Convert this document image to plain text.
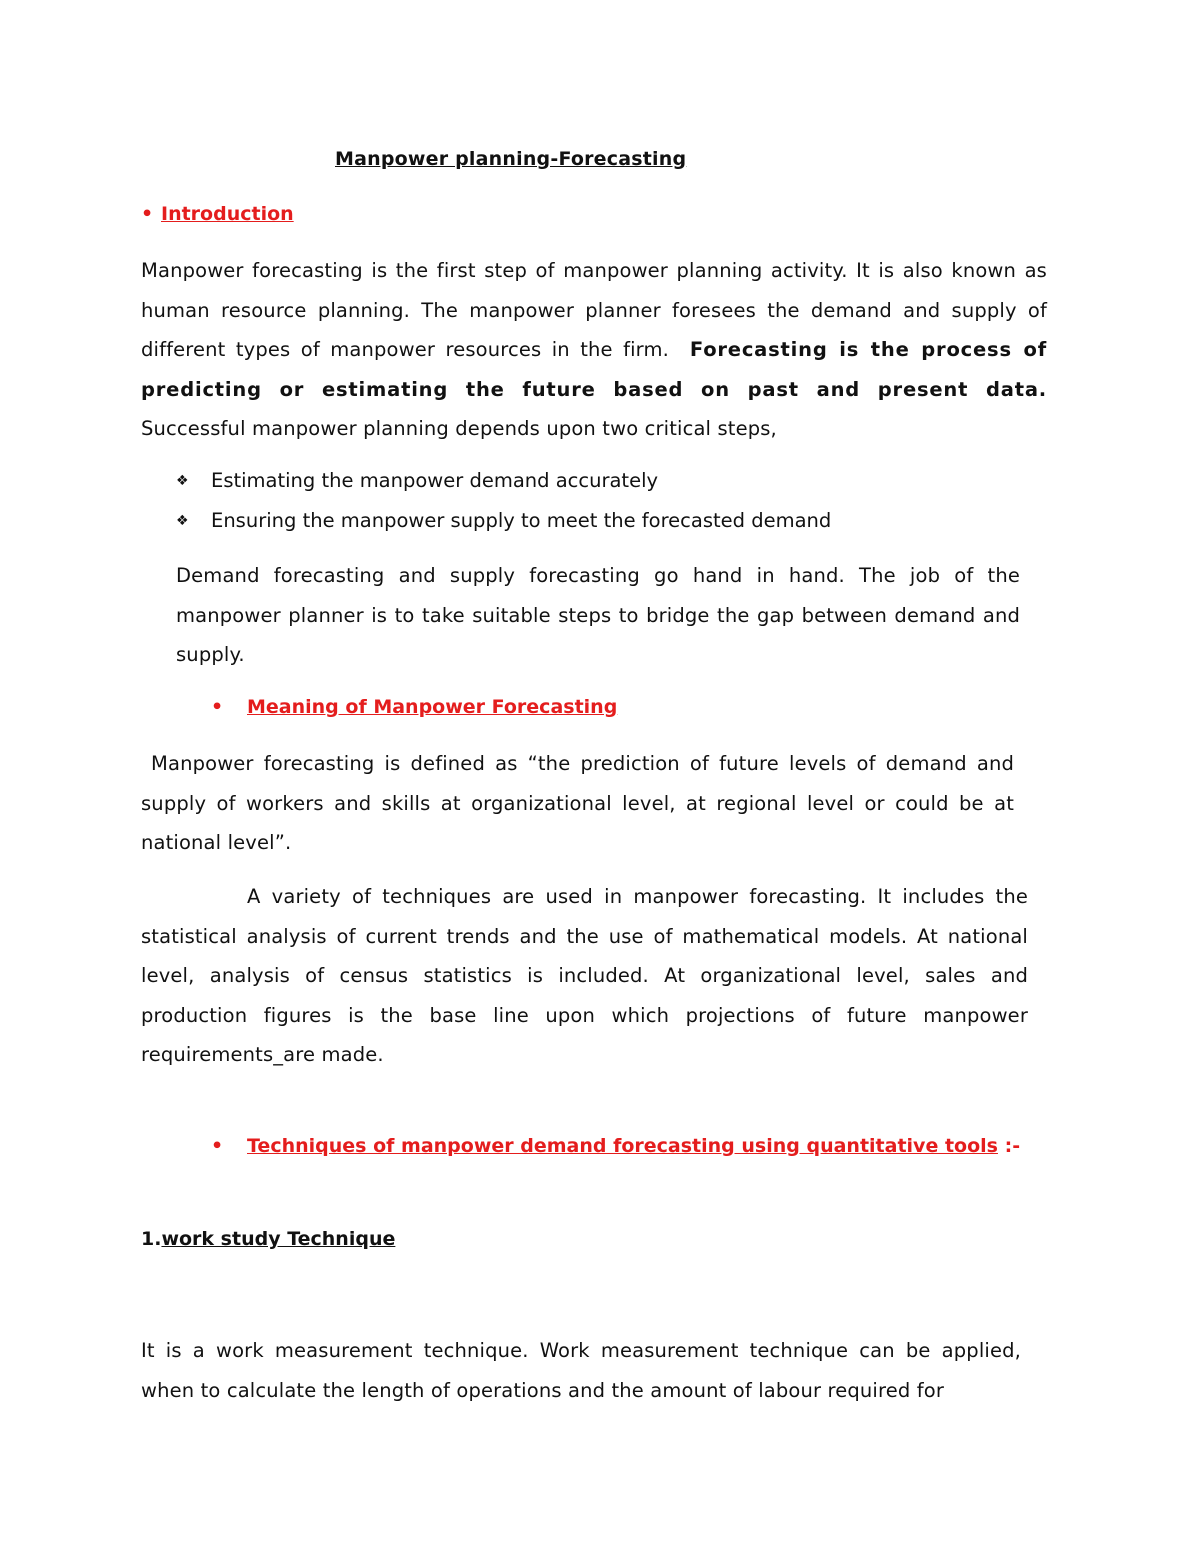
Manpower planning-Forecasting
• Introduction
Manpower forecasting is the first step of manpower planning activity. It is also known as human resource planning. The manpower planner foresees the demand and supply of different types of manpower resources in the firm. Forecasting is the process of predicting or estimating the future based on past and present data. Successful manpower planning depends upon two critical steps,
❖ Estimating the manpower demand accurately
❖ Ensuring the manpower supply to meet the forecasted demand
Demand forecasting and supply forecasting go hand in hand. The job of the manpower planner is to take suitable steps to bridge the gap between demand and supply.
• Meaning of Manpower Forecasting
Manpower forecasting is defined as “the prediction of future levels of demand and supply of workers and skills at organizational level, at regional level or could be at national level”.
A variety of techniques are used in manpower forecasting. It includes the statistical analysis of current trends and the use of mathematical models. At national level, analysis of census statistics is included. At organizational level, sales and production figures is the base line upon which projections of future manpower requirements_are made.
• Techniques of manpower demand forecasting using quantitative tools :-
1.work study Technique
It is a work measurement technique. Work measurement technique can be applied, when to calculate the length of operations and the amount of labour required for
